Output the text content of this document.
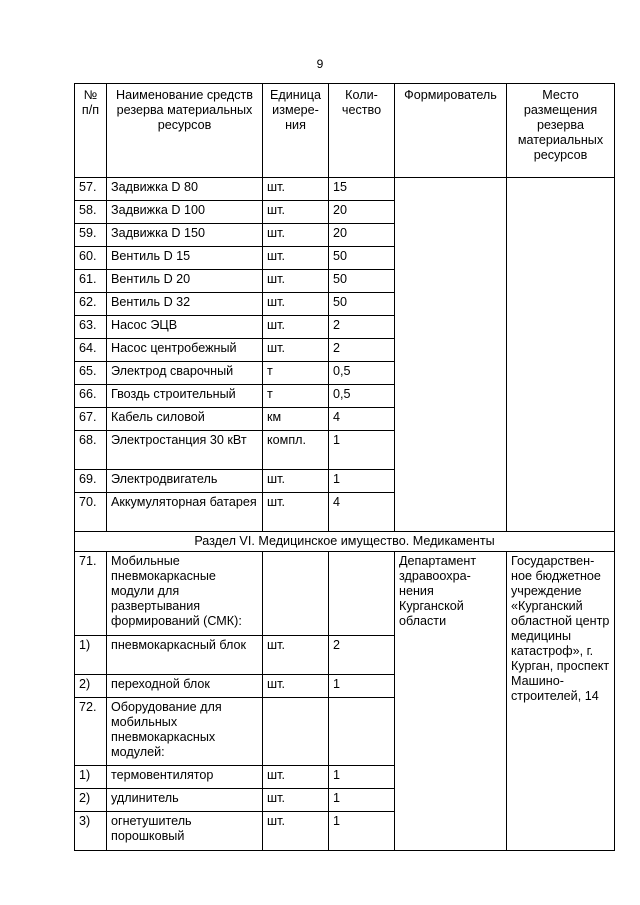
9
№ п/п	Наименование средств резерва материальных ресурсов	Единица измере-ния	Коли-чество	Формирователь	Место размещения резерва материальных ресурсов
57.	Задвижка D 80	шт.	15		
58.	Задвижка D 100	шт.	20		
59.	Задвижка D 150	шт.	20		
60.	Вентиль D 15	шт.	50		
61.	Вентиль D 20	шт.	50		
62.	Вентиль D 32	шт.	50		
63.	Насос ЭЦВ	шт.	2		
64.	Насос центробежный	шт.	2		
65.	Электрод сварочный	т	0,5		
66.	Гвоздь строительный	т	0,5		
67.	Кабель силовой	км	4		
68.	Электростанция 30 кВт	компл.	1		
69.	Электродвигатель	шт.	1		
70.	Аккумуляторная батарея	шт.	4		
Раздел VI. Медицинское имущество. Медикаменты					
71.	Мобильные пневмокаркасные модули для развертывания формирований (СМК):			Департамент здравоохра-нения Курганской области	Государствен-ное бюджетное учреждение «Курганский областной центр медицины катастроф», г. Курган, проспект Машино-строителей, 14
1)	пневмокаркасный блок	шт.	2		
2)	переходной блок	шт.	1		
72.	Оборудование для мобильных пневмокаркасных модулей:				
1)	термовентилятор	шт.	1		
2)	удлинитель	шт.	1		
3)	огнетушитель порошковый	шт.	1		
